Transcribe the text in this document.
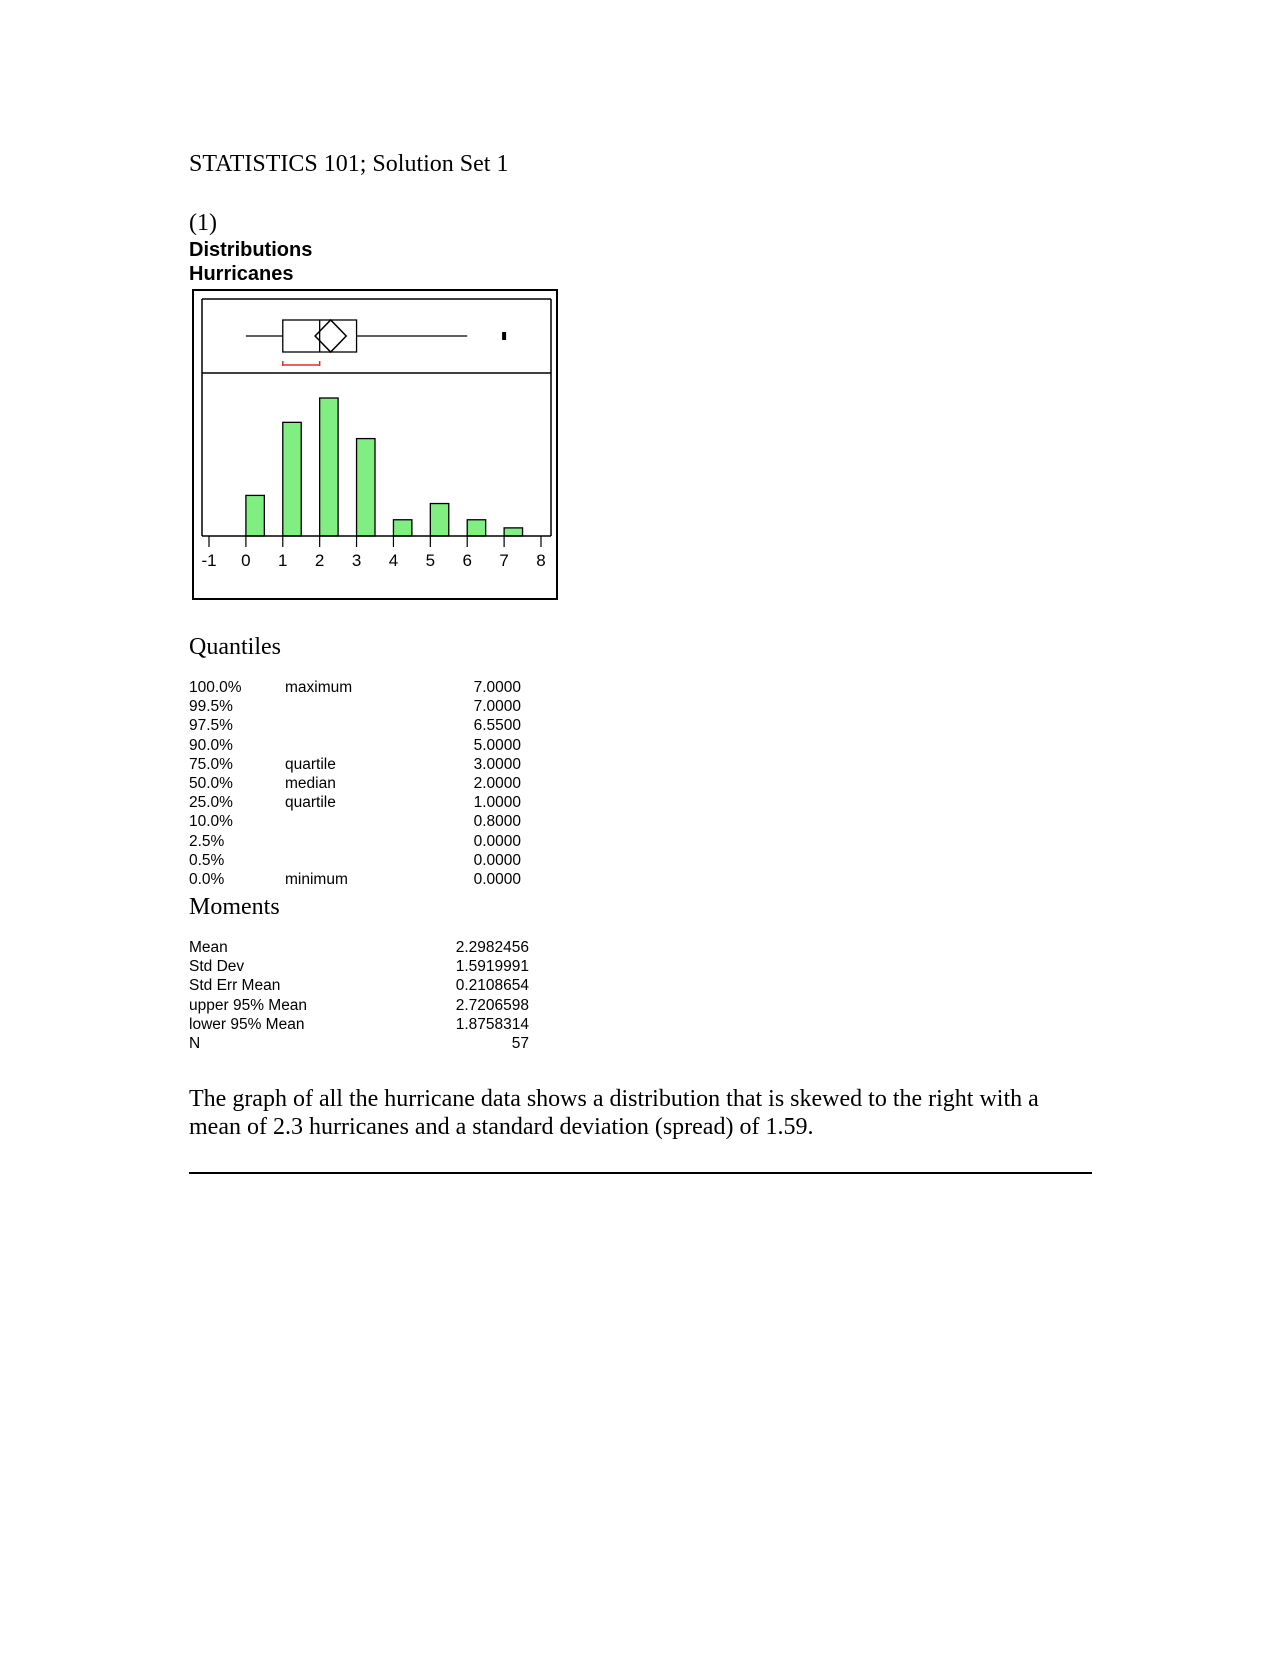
STATISTICS 101; Solution Set 1
(1)
Distributions
Hurricanes
-1 0 1 2 3 4 5 6 7 8
Quantiles
100.0%	maximum	7.0000
99.5%	7.0000
97.5%	6.5500
90.0%	5.0000
75.0%	quartile	3.0000
50.0%	median	2.0000
25.0%	quartile	1.0000
10.0%	0.8000
2.5%	0.0000
0.5%	0.0000
0.0%	minimum	0.0000
Moments
Mean	2.2982456
Std Dev	1.5919991
Std Err Mean	0.2108654
upper 95% Mean	2.7206598
lower 95% Mean	1.8758314
N	57
The graph of all the hurricane data shows a distribution that is skewed to the right with a mean of 2.3 hurricanes and a standard deviation (spread) of 1.59.
